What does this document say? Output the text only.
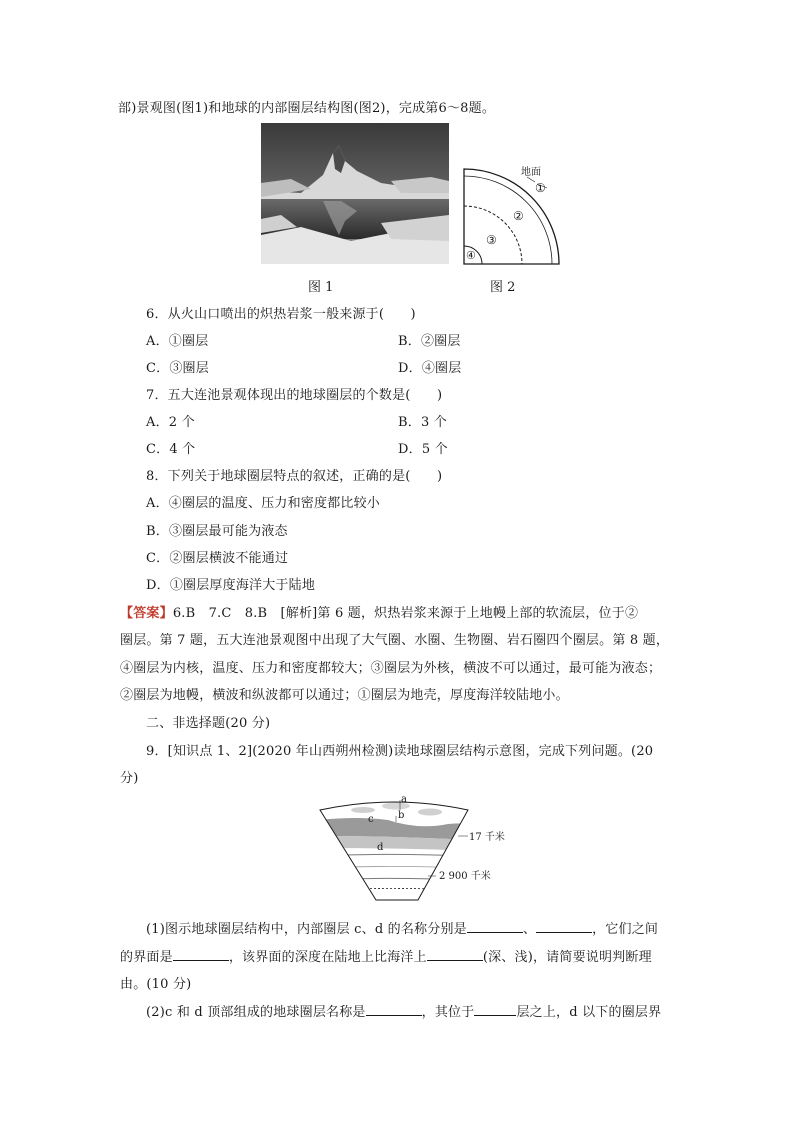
部)景观图(图1)和地球的内部圈层结构图(图2)，完成第6～8题。
图 1
地面
①
②
③
④
图 2
6．从火山口喷出的炽热岩浆一般来源于(　　)
A．①圈层	B．②圈层
C．③圈层	D．④圈层
7．五大连池景观体现出的地球圈层的个数是(　　)
A．2 个	B．3 个
C．4 个	D．5 个
8．下列关于地球圈层特点的叙述，正确的是(　　)
A．④圈层的温度、压力和密度都比较小
B．③圈层最可能为液态
C．②圈层横波不能通过
D．①圈层厚度海洋大于陆地
【答案】6.B　7.C　8.B　[解析]第 6 题，炽热岩浆来源于上地幔上部的软流层，位于②
圈层。第 7 题，五大连池景观图中出现了大气圈、水圈、生物圈、岩石圈四个圈层。第 8 题，
④圈层为内核，温度、压力和密度都较大；③圈层为外核，横波不可以通过，最可能为液态；
②圈层为地幔，横波和纵波都可以通过；①圈层为地壳，厚度海洋较陆地小。
二、非选择题(20 分)
9．[知识点 1、2](2020 年山西朔州检测)读地球圈层结构示意图，完成下列问题。(20
分)
a
b
c
d
17 千米
2 900 千米
(1)图示地球圈层结构中，内部圈层 c、d 的名称分别是	、	，它们之间
的界面是	，该界面的深度在陆地上比海洋上	(深、浅)，请简要说明判断理
由。(10 分)
(2)c 和 d 顶部组成的地球圈层名称是	，其位于	层之上，d 以下的圈层界
